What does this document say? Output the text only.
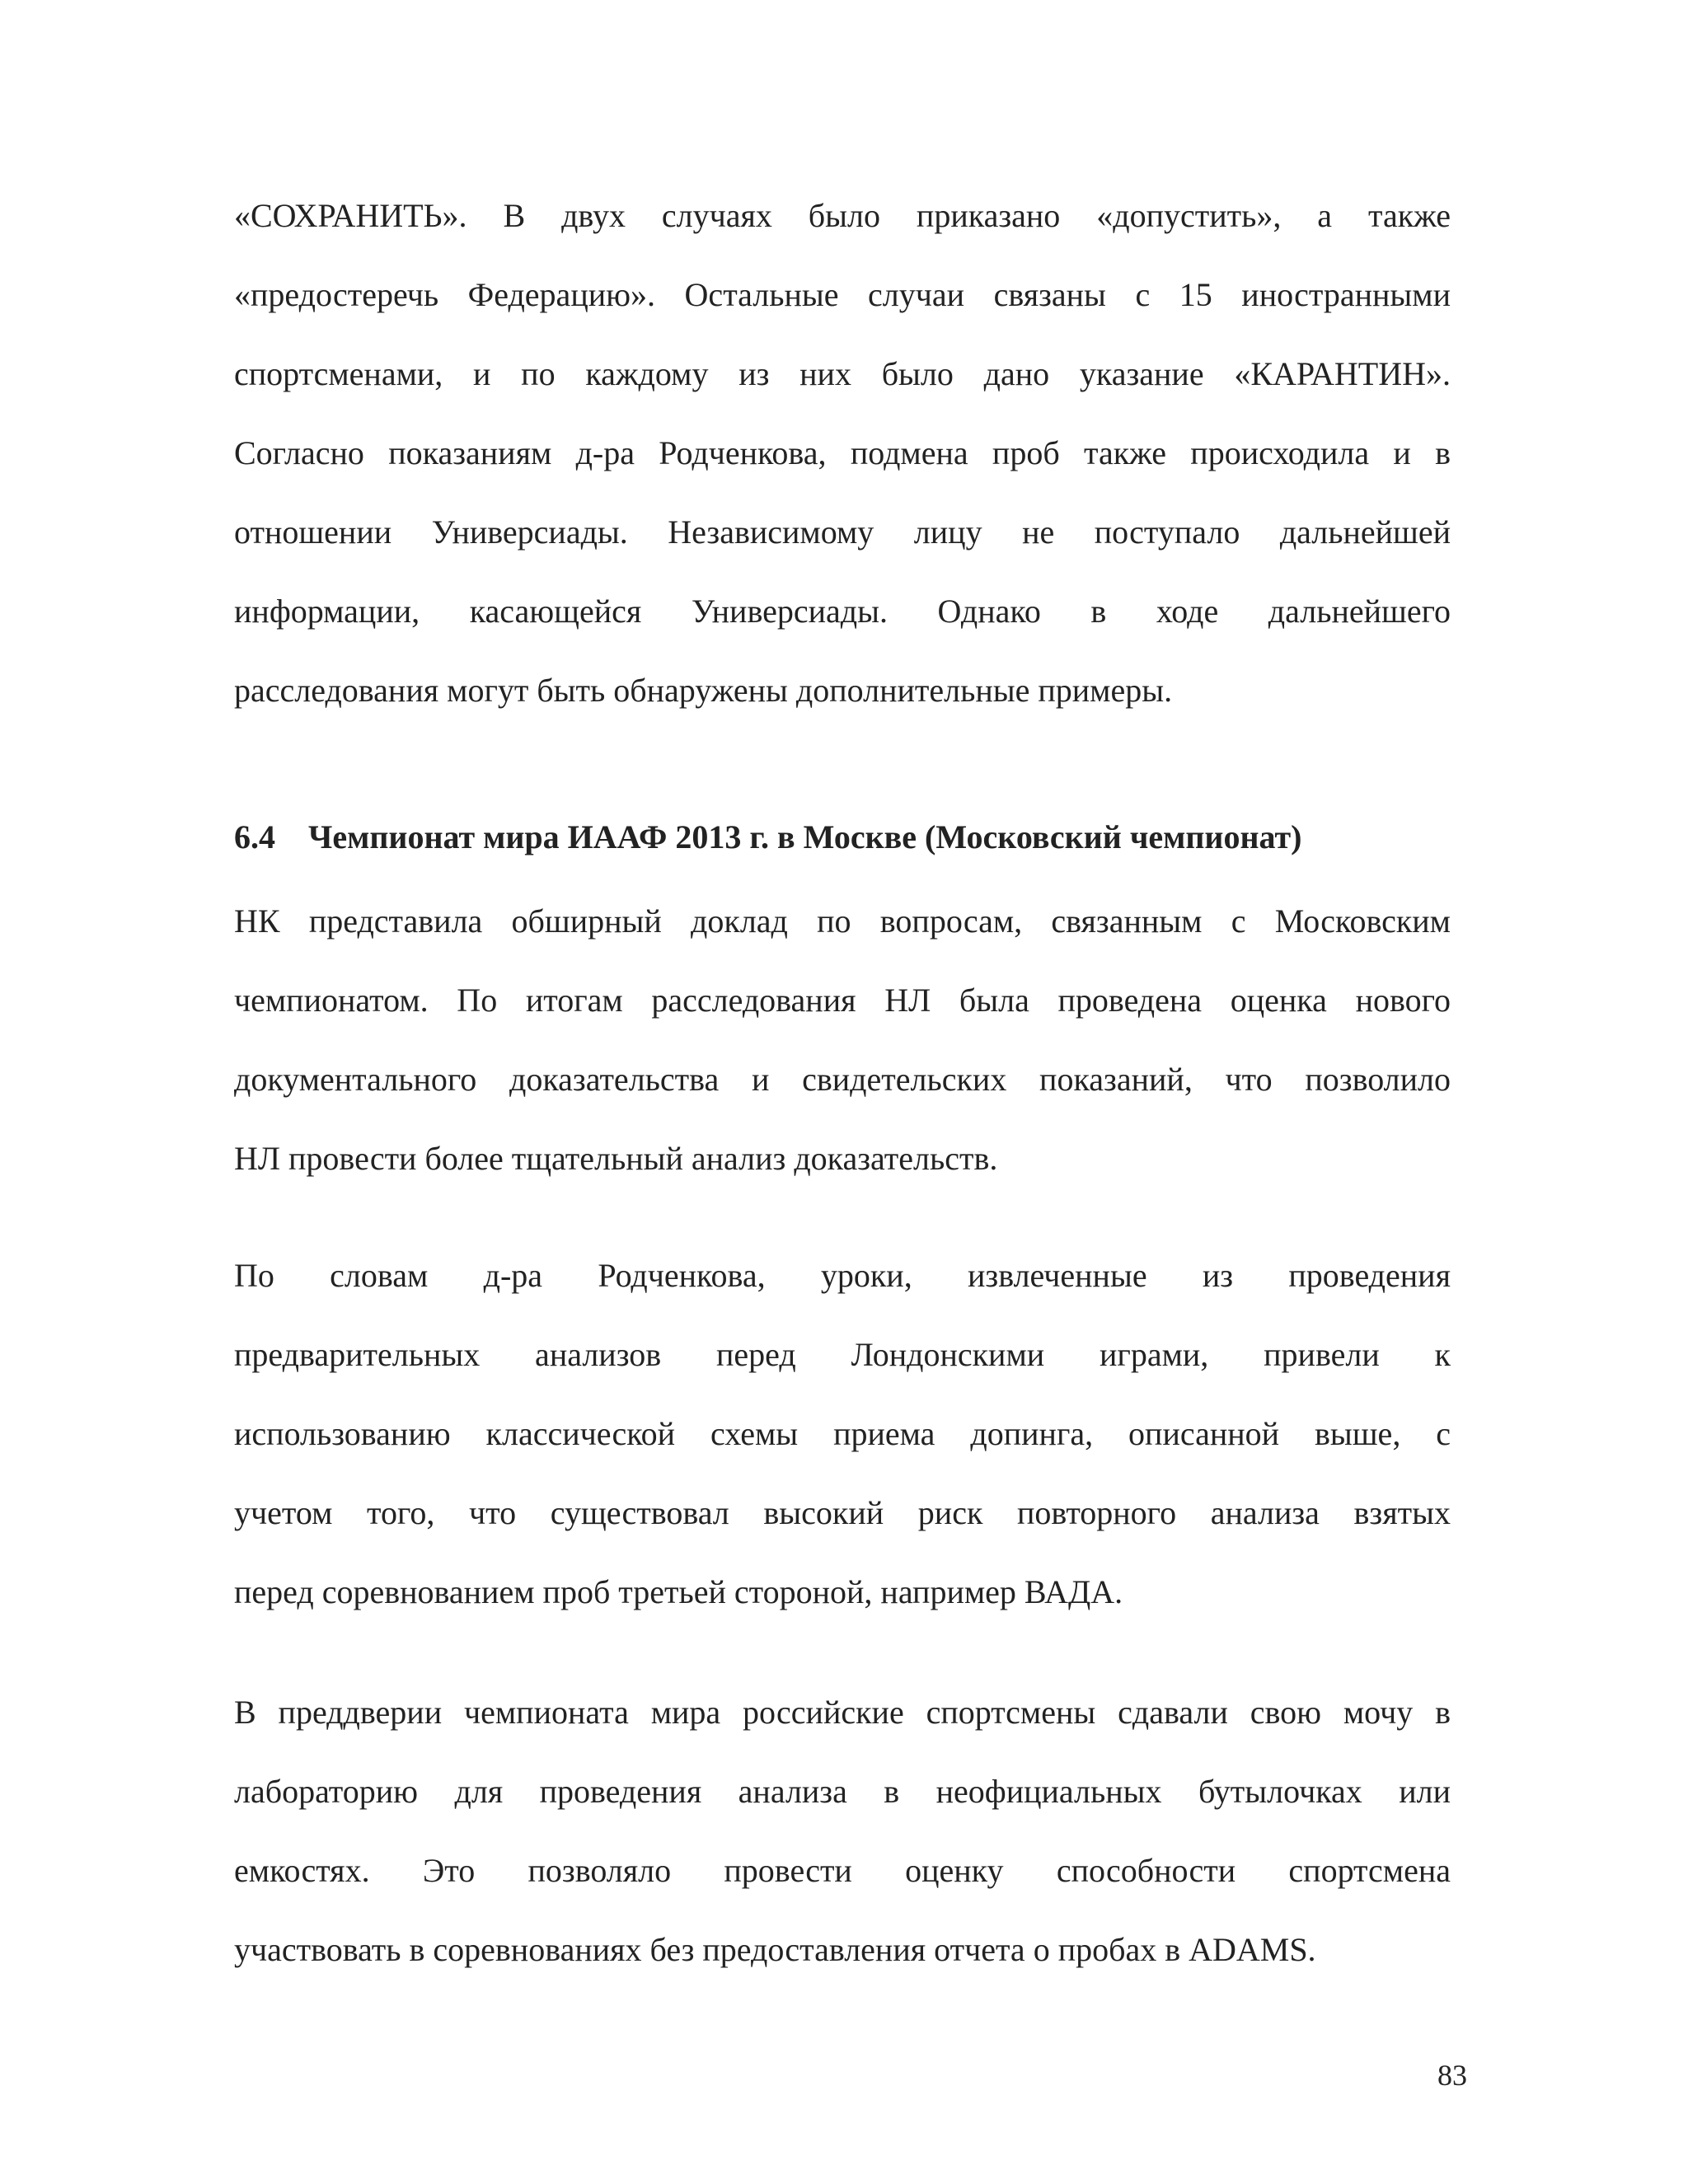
«СОХРАНИТЬ». В двух случаях было приказано «допустить», а также
«предостеречь Федерацию». Остальные случаи связаны с 15 иностранными
спортсменами, и по каждому из них было дано указание «КАРАНТИН».
Согласно показаниям д-ра Родченкова, подмена проб также происходила и в
отношении Универсиады. Независимому лицу не поступало дальнейшей
информации, касающейся Универсиады. Однако в ходе дальнейшего
расследования могут быть обнаружены дополнительные примеры.
6.4 Чемпионат мира ИААФ 2013 г. в Москве (Московский чемпионат)
НК представила обширный доклад по вопросам, связанным с Московским
чемпионатом. По итогам расследования НЛ была проведена оценка нового
документального доказательства и свидетельских показаний, что позволило
НЛ провести более тщательный анализ доказательств.
По словам д-ра Родченкова, уроки, извлеченные из проведения
предварительных анализов перед Лондонскими играми, привели к
использованию классической схемы приема допинга, описанной выше, с
учетом того, что существовал высокий риск повторного анализа взятых
перед соревнованием проб третьей стороной, например ВАДА.
В преддверии чемпионата мира российские спортсмены сдавали свою мочу в
лабораторию для проведения анализа в неофициальных бутылочках или
емкостях. Это позволяло провести оценку способности спортсмена
участвовать в соревнованиях без предоставления отчета о пробах в ADAMS.
83
